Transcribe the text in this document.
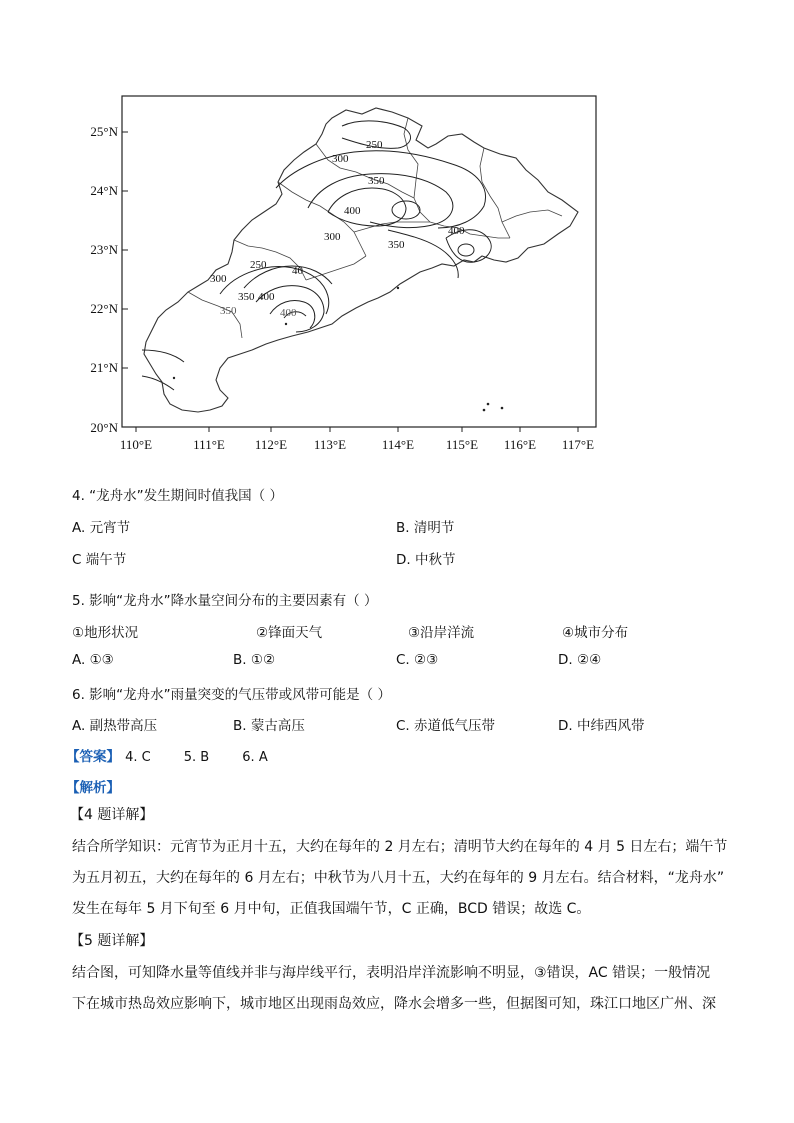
25°N
24°N
23°N
22°N
21°N
20°N
110°E	111°E 112°E 113°E	114°E 115°E 116°E 117°E
250
300
350
400
300
350
400
250
300
350 400
350	400
40
4. “龙舟水”发生期间时值我国（ ）
A. 元宵节	B. 清明节
C 端午节	D. 中秋节
5. 影响“龙舟水”降水量空间分布的主要因素有（ ）
①地形状况	②锋面天气	③沿岸洋流	④城市分布
A. ①③	B. ①②	C. ②③	D. ②④
6. 影响“龙舟水”雨量突变的气压带或风带可能是（ ）
A. 副热带高压	B. 蒙古高压	C. 赤道低气压带	D. 中纬西风带
【答案】 4. C        5. B        6. A
【解析】
【4 题详解】
结合所学知识：元宵节为正月十五，大约在每年的 2 月左右；清明节大约在每年的 4 月 5 日左右；端午节
为五月初五，大约在每年的 6 月左右；中秋节为八月十五，大约在每年的 9 月左右。结合材料，“龙舟水”
发生在每年 5 月下旬至 6 月中旬，正值我国端午节，C 正确，BCD 错误；故选 C。
【5 题详解】
结合图，可知降水量等值线并非与海岸线平行，表明沿岸洋流影响不明显，③错误，AC 错误；一般情况
下在城市热岛效应影响下，城市地区出现雨岛效应，降水会增多一些，但据图可知，珠江口地区广州、深
